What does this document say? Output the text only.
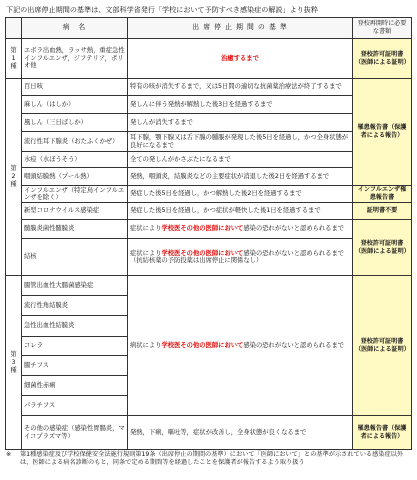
下記の出席停止期間の基準は、文部科学省発行「学校において予防すべき感染症の解説」より抜粋
	病　名	出 席 停 止 期 間 の 基 準	登校再開時に必要な書類
第1種	エボラ出血熱，ラッサ熱，重症急性インフルエンザ，ジフテリア，ポリオ他	治癒するまで	登校許可証明書（医師による証明）
第2種	百日咳	特有の咳が消失するまで，又は5日間の適切な抗菌薬治療法が終了するまで	罹患報告書（保護者による報告）
	麻しん（はしか）	発しんに伴う発熱が解熱した後3日を経過するまで	
	風しん（三日ばしか）	発しんが消失するまで	
	流行性耳下腺炎（おたふくかぜ）	耳下腺，顎下腺又は舌下腺の腫脹が発現した後5日を経過し，かつ全身状態が良好になるまで	
	水痘（水ぼうそう）	全ての発しんがかさぶたになるまで	
	咽頭結膜熱（プール熱）	発熱，咽頭炎，結膜炎などの主要症状が消退した後2日を経過するまで	
	インフルエンザ（特定鳥インフルエンザを除く）	発症した後5日を経過し，かつ解熱した後2日を経過するまで	インフルエンザ罹患報告書
	新型コロナウイルス感染症	発症した後5日を経過し，かつ症状が軽快した後1日を経過するまで	証明書不要
	髄膜炎菌性髄膜炎	症状により学校医その他の医師において感染の恐れがないと認められるまで	登校許可証明書（医師による証明）
	結核	症状により学校医その他の医師において感染の恐れがないと認められるまで（抗結核薬の予防投薬は出席停止に関係なし）	
第3種	腸管出血性大腸菌感染症	病状により学校医その他の医師において感染の恐れがないと認められるまで	登校許可証明書（医師による証明）
	流行性角結膜炎		
	急性出血性結膜炎		
	コレラ		
	腸チフス		
	細菌性赤痢		
	パラチフス		
	その他の感染症（感染性胃腸炎，マイコプラズマ等）	発熱，下痢，嘔吐等，症状が改善し，全身状態が良くなるまで	罹患報告書（保護者による報告）
※ 第1種感染症及び学校保健安全法施行規則第19条（出席停止の期間の基準）において「医師において」との基準が示されている感染症以外は，医師による病名診断のもと，同条で定める期間等を経過したことを保護者が報告するよう取り扱う
